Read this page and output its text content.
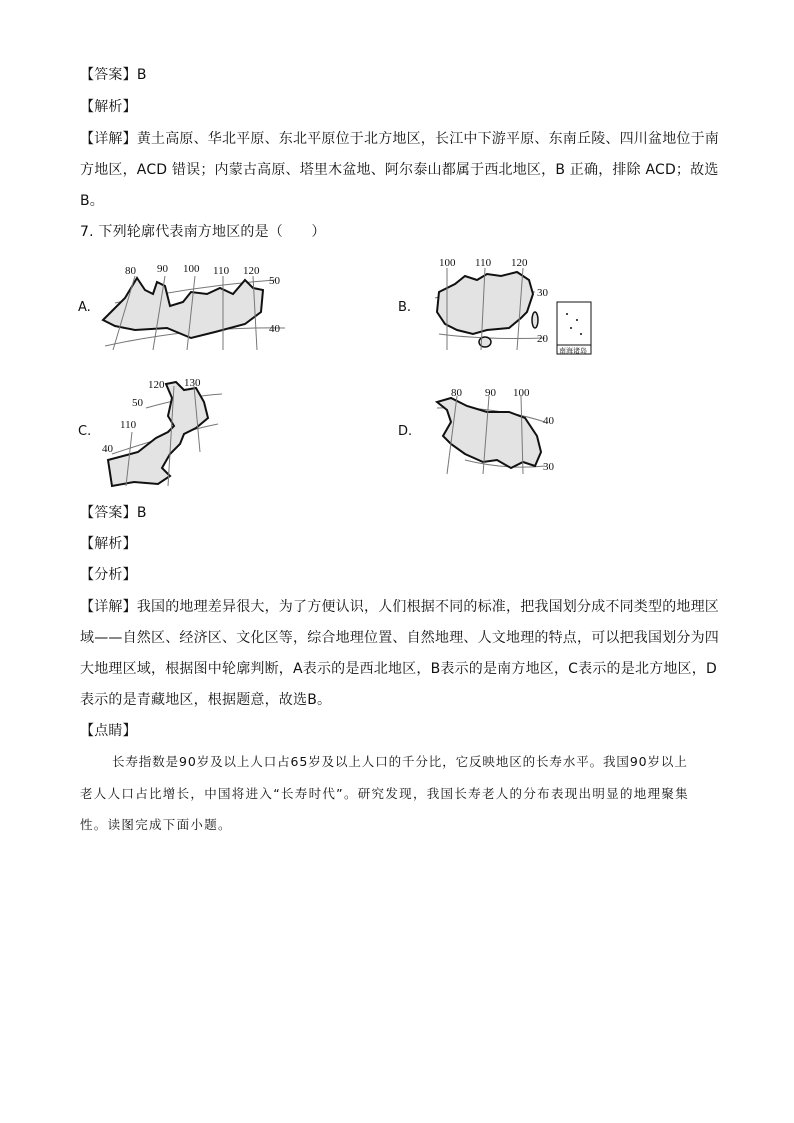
【答案】B
【解析】
【详解】黄土高原、华北平原、东北平原位于北方地区，长江中下游平原、东南丘陵、四川盆地位于南
方地区，ACD 错误；内蒙古高原、塔里木盆地、阿尔泰山都属于西北地区，B 正确，排除 ACD；故选
B。
7. 下列轮廓代表南方地区的是（　　）
A.	B.
C.	D.
80 90 100 110 120
50
40
100 110 120
30
20
南海诸岛
120 130
110
50
40
80 90 100
40
30
【答案】B
【解析】
【分析】
【详解】我国的地理差异很大，为了方便认识，人们根据不同的标准，把我国划分成不同类型的地理区
域——自然区、经济区、文化区等，综合地理位置、自然地理、人文地理的特点，可以把我国划分为四
大地理区域，根据图中轮廓判断，A表示的是西北地区，B表示的是南方地区，C表示的是北方地区，D
表示的是青藏地区，根据题意，故选B。
【点睛】
长寿指数是90岁及以上人口占65岁及以上人口的千分比，它反映地区的长寿水平。我国90岁以上
老人人口占比增长，中国将进入“长寿时代”。研究发现，我国长寿老人的分布表现出明显的地理聚集
性。读图完成下面小题。
